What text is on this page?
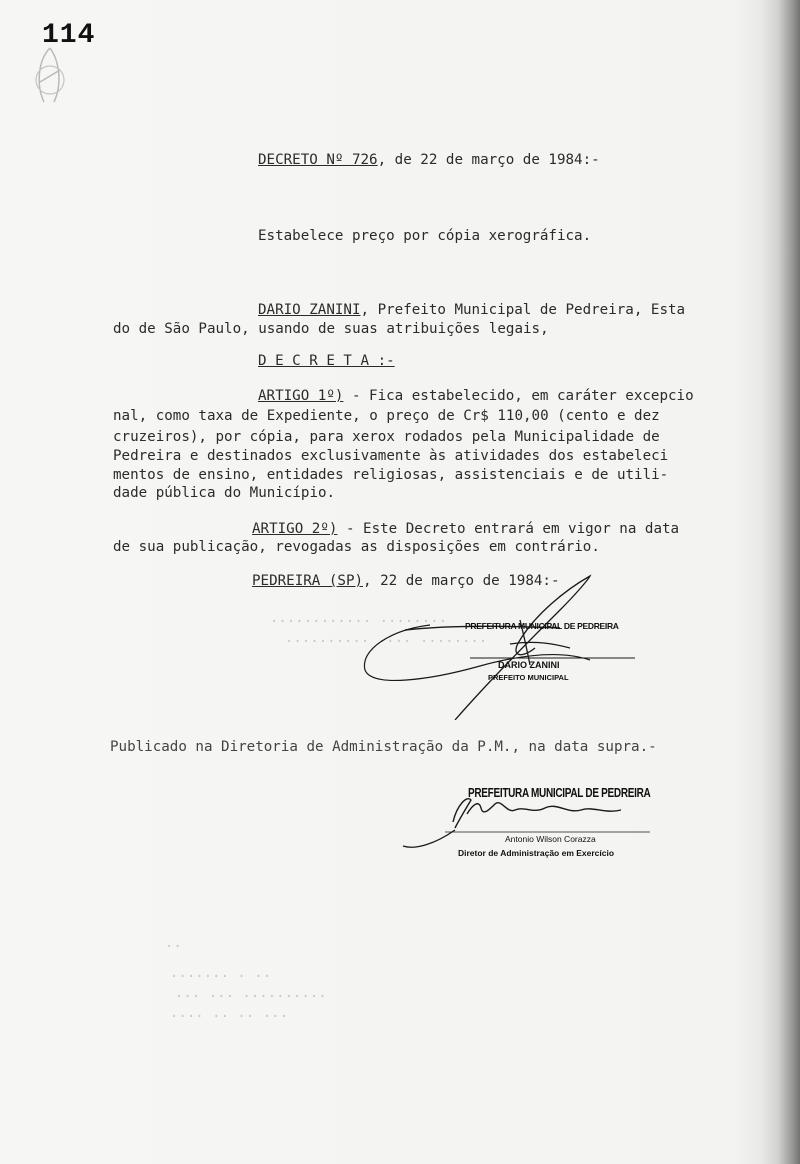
114
DECRETO Nº 726, de 22 de março de 1984:-
Estabelece preço por cópia xerográfica.
DARIO ZANINI, Prefeito Municipal de Pedreira, Esta
do de São Paulo, usando de suas atribuições legais,
D E C R E T A :-
ARTIGO 1º) - Fica estabelecido, em caráter excepcio
nal, como taxa de Expediente, o preço de Cr$ 110,00 (cento e dez
cruzeiros), por cópia, para xerox rodados pela Municipalidade de
Pedreira e destinados exclusivamente às atividades dos estabeleci
mentos de ensino, entidades religiosas, assistenciais e de utili-
dade pública do Município.
ARTIGO 2º) - Este Decreto entrará em vigor na data
de sua publicação, revogadas as disposições em contrário.
PEDREIRA (SP), 22 de março de 1984:-
............ ........
.......... .... ........
PREFEITURA MUNICIPAL DE PEDREIRA
DARIO ZANINI
PREFEITO MUNICIPAL
Publicado na Diretoria de Administração da P.M., na data supra.-
PREFEITURA MUNICIPAL DE PEDREIRA
Antonio Wilson Corazza
Diretor de Administração em Exercício
..
....... . ..
... ... ..........
.... .. .. ...
